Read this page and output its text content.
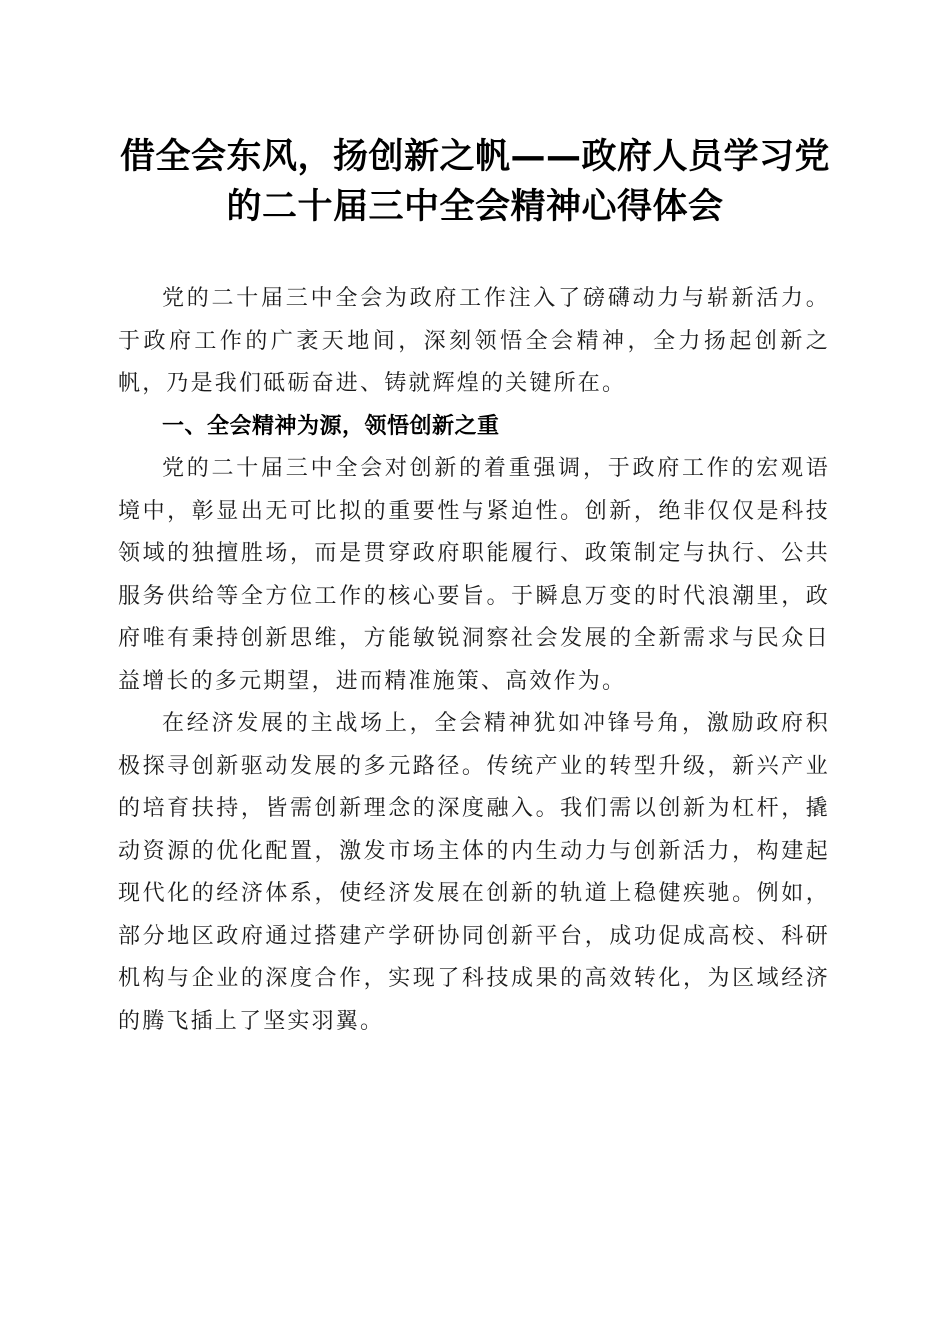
借全会东风，扬创新之帆——政府人员学习党
的二十届三中全会精神心得体会

党的二十届三中全会为政府工作注入了磅礴动力与崭新活力。于政府工作的广袤天地间，深刻领悟全会精神，全力扬起创新之帆，乃是我们砥砺奋进、铸就辉煌的关键所在。

一、全会精神为源，领悟创新之重

党的二十届三中全会对创新的着重强调，于政府工作的宏观语境中，彰显出无可比拟的重要性与紧迫性。创新，绝非仅仅是科技领域的独擅胜场，而是贯穿政府职能履行、政策制定与执行、公共服务供给等全方位工作的核心要旨。于瞬息万变的时代浪潮里，政府唯有秉持创新思维，方能敏锐洞察社会发展的全新需求与民众日益增长的多元期望，进而精准施策、高效作为。

在经济发展的主战场上，全会精神犹如冲锋号角，激励政府积极探寻创新驱动发展的多元路径。传统产业的转型升级，新兴产业的培育扶持，皆需创新理念的深度融入。我们需以创新为杠杆，撬动资源的优化配置，激发市场主体的内生动力与创新活力，构建起现代化的经济体系，使经济发展在创新的轨道上稳健疾驰。例如，部分地区政府通过搭建产学研协同创新平台，成功促成高校、科研机构与企业的深度合作，实现了科技成果的高效转化，为区域经济的腾飞插上了坚实羽翼。
